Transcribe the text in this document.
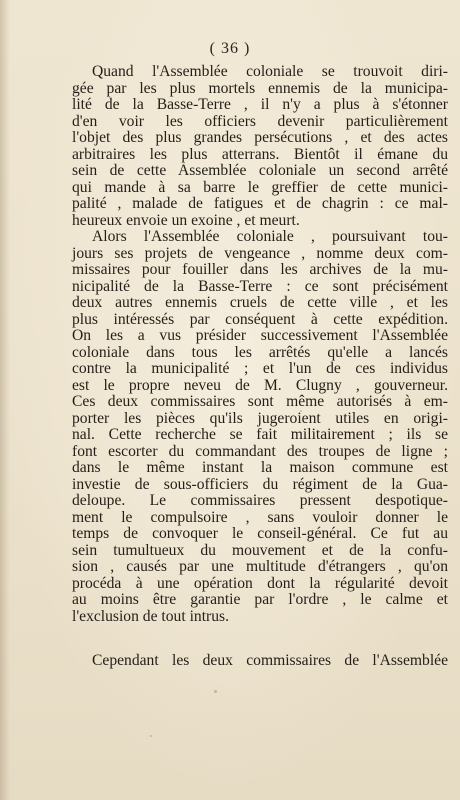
( 36 )
Quand l'Assemblée coloniale se trouvoit diri-
gée par les plus mortels ennemis de la municipa-
lité de la Basse-Terre , il n'y a plus à s'étonner
d'en voir les officiers devenir particulièrement
l'objet des plus grandes persécutions , et des actes
arbitraires les plus atterrans. Bientôt il émane du
sein de cette Assemblée coloniale un second arrêté
qui mande à sa barre le greffier de cette munici-
palité , malade de fatigues et de chagrin : ce mal-
heureux envoie un exoine , et meurt.
Alors l'Assemblée coloniale , poursuivant tou-
jours ses projets de vengeance , nomme deux com-
missaires pour fouiller dans les archives de la mu-
nicipalité de la Basse-Terre : ce sont précisément
deux autres ennemis cruels de cette ville , et les
plus intéressés par conséquent à cette expédition.
On les a vus présider successivement l'Assemblée
coloniale dans tous les arrêtés qu'elle a lancés
contre la municipalité ; et l'un de ces individus
est le propre neveu de M. Clugny , gouverneur.
Ces deux commissaires sont même autorisés à em-
porter les pièces qu'ils jugeroient utiles en origi-
nal. Cette recherche se fait militairement ; ils se
font escorter du commandant des troupes de ligne ;
dans le même instant la maison commune est
investie de sous-officiers du régiment de la Gua-
deloupe. Le commissaires pressent despotique-
ment le compulsoire , sans vouloir donner le
temps de convoquer le conseil-général. Ce fut au
sein tumultueux du mouvement et de la confu-
sion , causés par une multitude d'étrangers , qu'on
procéda à une opération dont la régularité devoit
au moins être garantie par l'ordre , le calme et
l'exclusion de tout intrus.
Cependant les deux commissaires de l'Assemblée
